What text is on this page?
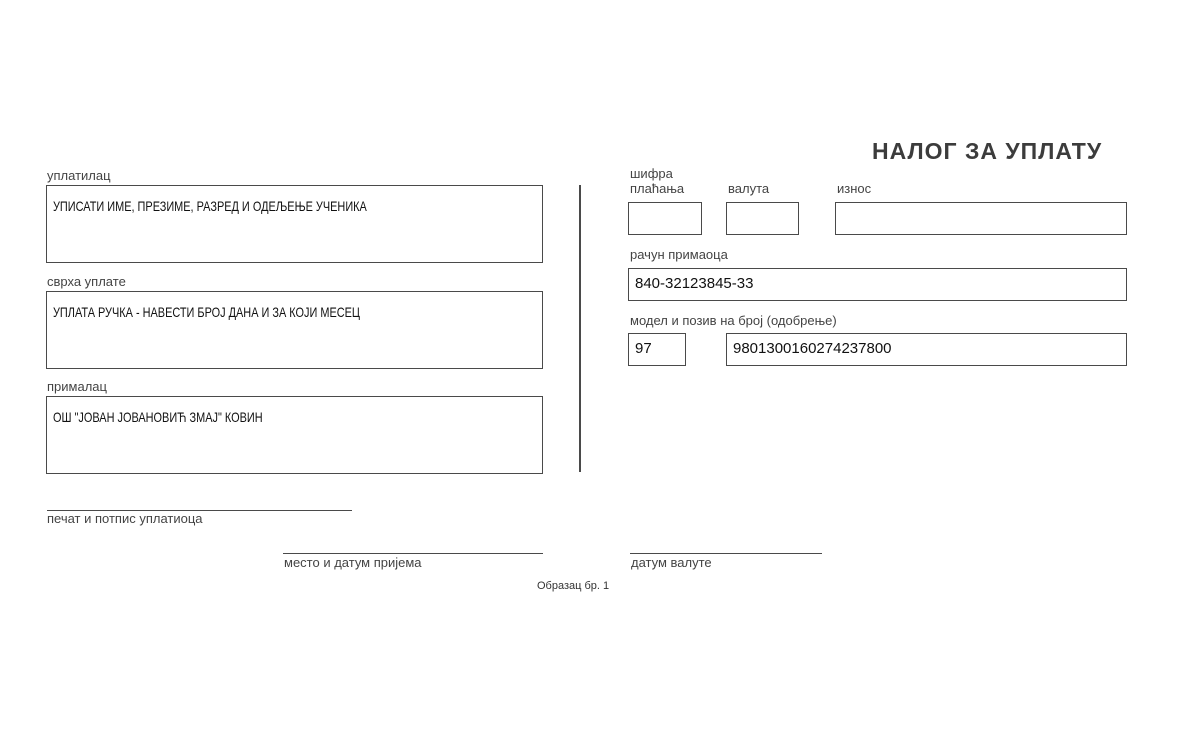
НАЛОГ ЗА УПЛАТУ
уплатилац
УПИСАТИ ИМЕ, ПРЕЗИМЕ, РАЗРЕД И ОДЕЉЕЊЕ УЧЕНИКА
сврха уплате
УПЛАТА РУЧКА - НАВЕСТИ БРОЈ ДАНА И ЗА КОЈИ МЕСЕЦ
прималац
ОШ "ЈОВАН ЈОВАНОВИЋ ЗМАЈ" КОВИН
шифра
плаћања	валута	износ
рачун примаоца
840-32123845-33
модел и позив на број (одобрење)
97	9801300160274237800
печат и потпис уплатиоца
место и датум пријема	датум валуте
Образац бр. 1
